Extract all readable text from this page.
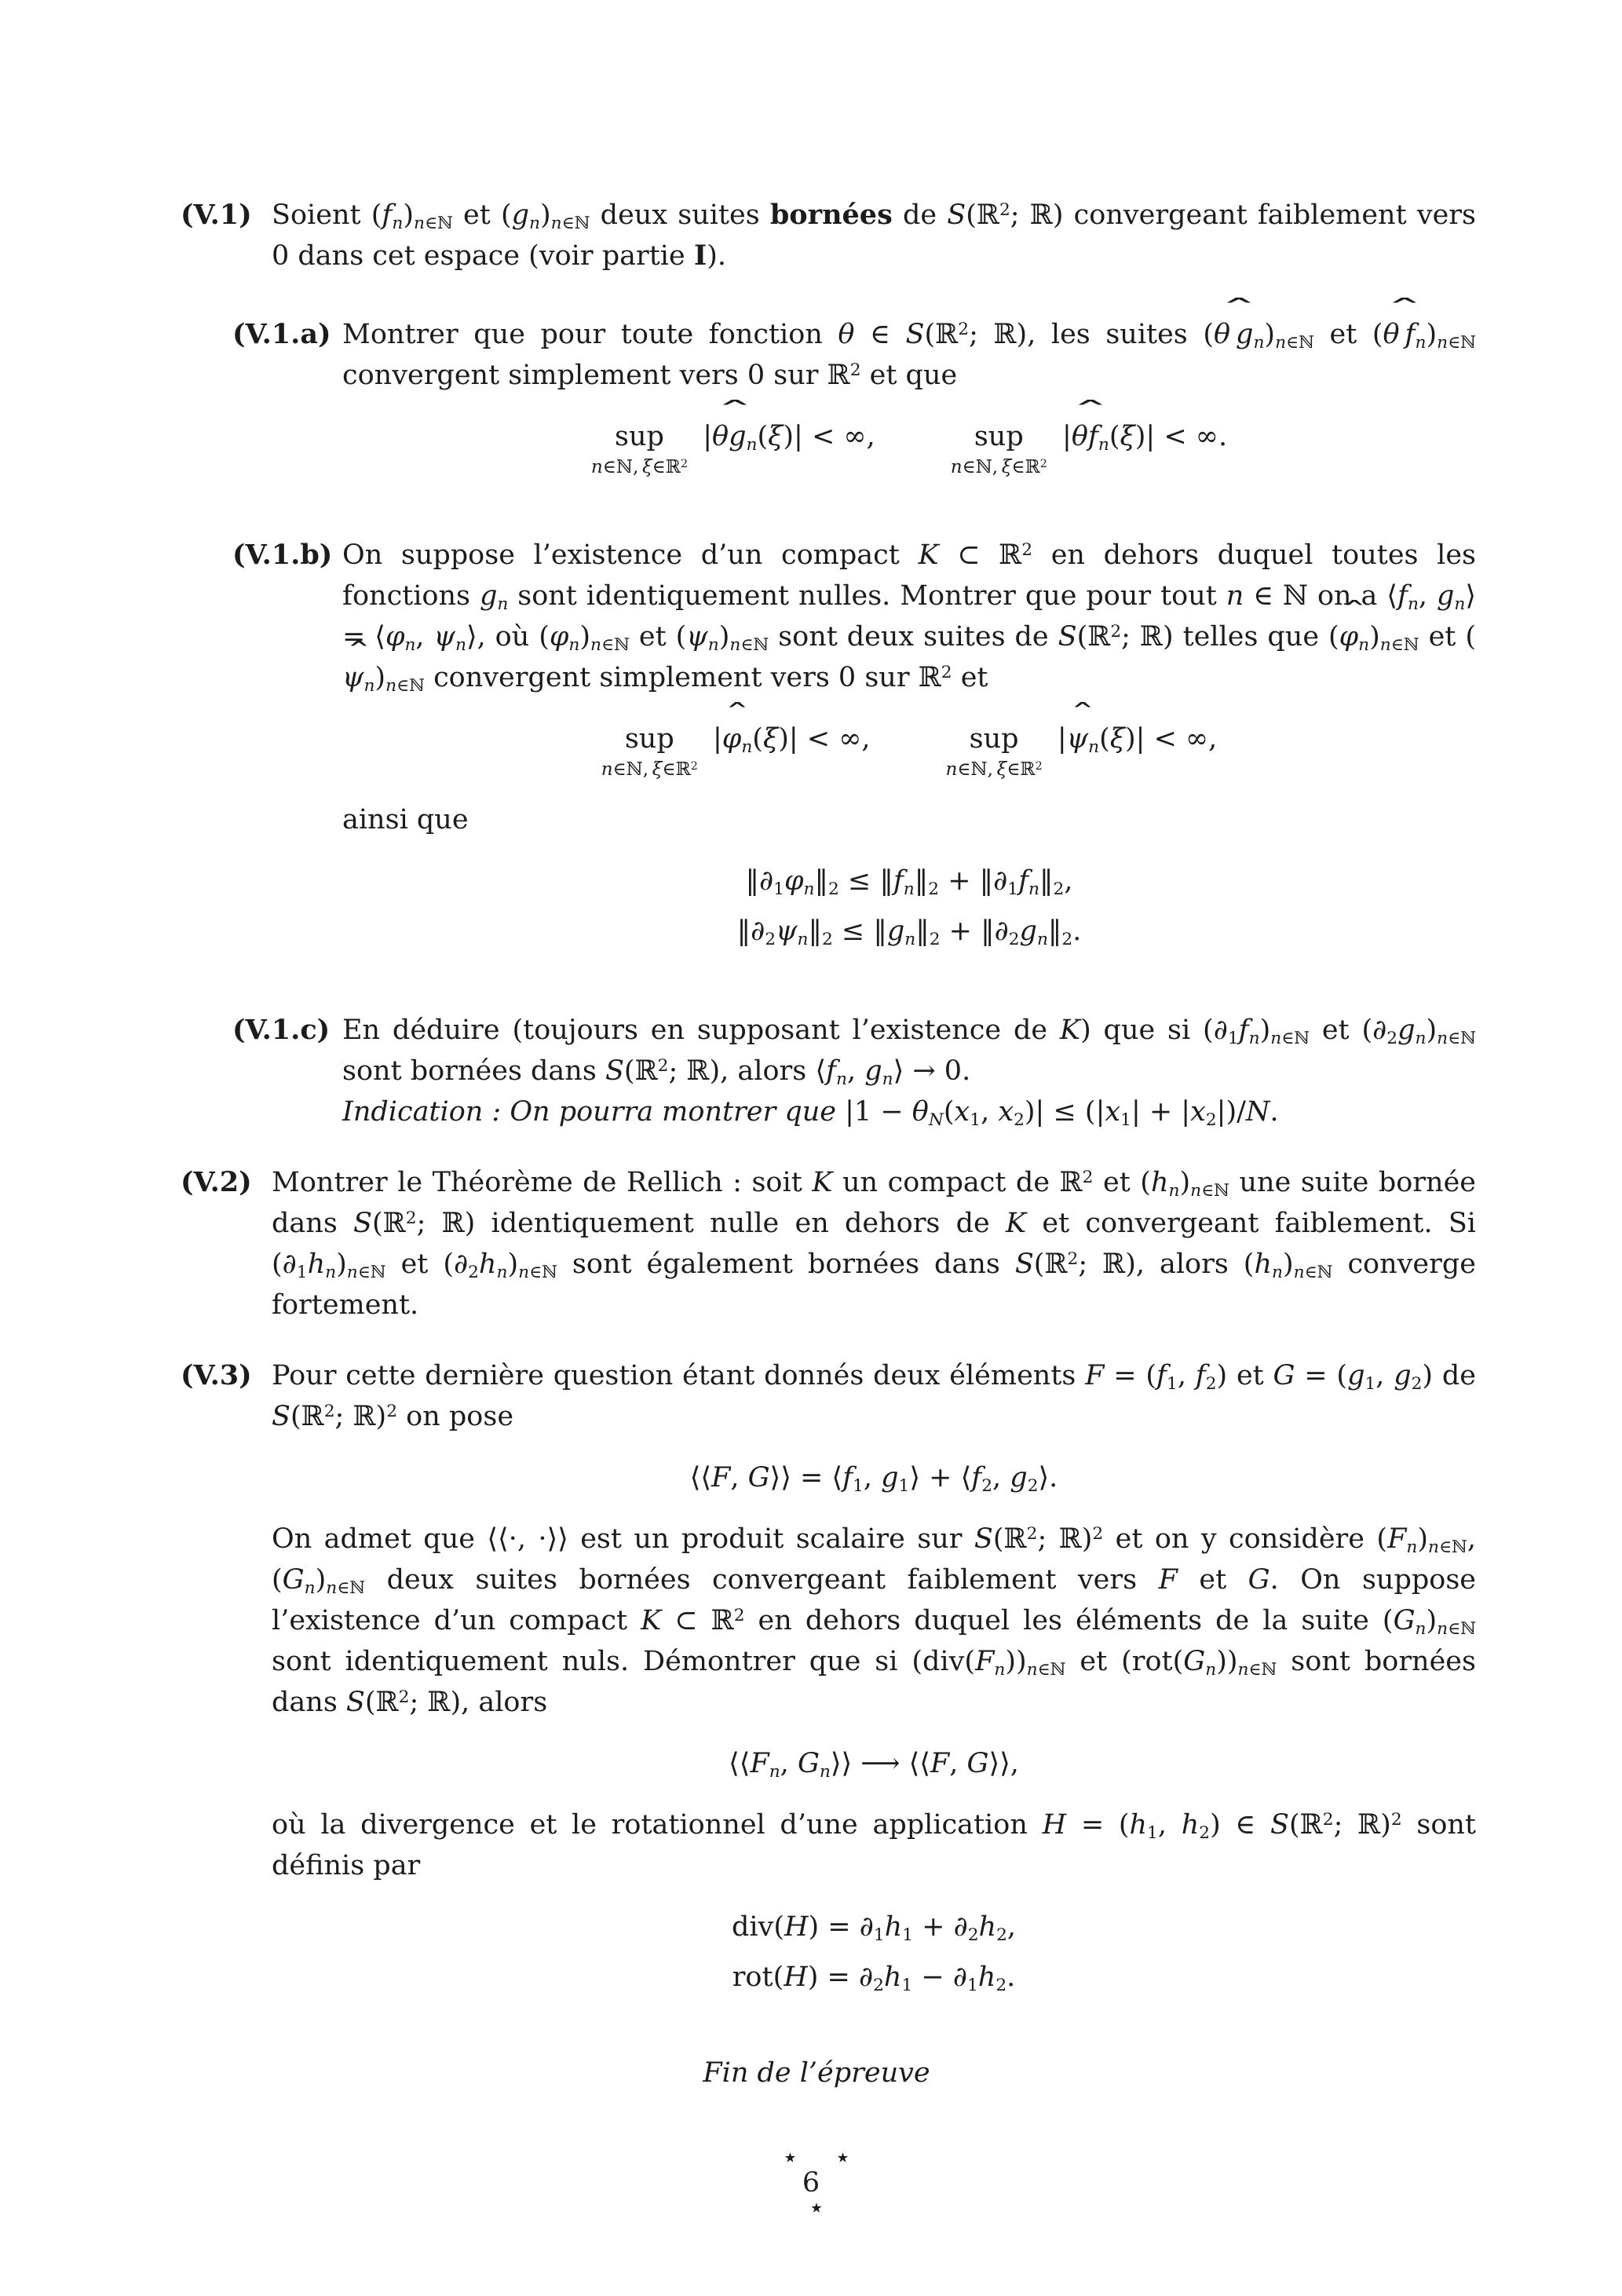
(V.1) Soient $(f_n)_{n\in ℕ}$ et $(g_n)_{n\in ℕ}$ deux suites bornées de S(ℝ$^2$; ℝ) convergeant faiblement vers 0 dans cet espace (voir partie I).
(V.1.a) Montrer que pour toute fonction θ ∈ S(ℝ$^2$; ℝ), les suites (θ $g_n$ $ˆ)_{n\in ℕ}$ et (θ $f_n$ $ˆ)_{n\in ℕ}$ convergent simplement vers 0 sur ℝ$^2$ et que
sup
n∈ℕ, ξ∈ℝ$^2$
$|\theta g_n$ ˆ(ξ)| < ∞,	sup
n∈ℕ, ξ∈ℝ$^2$
$|\theta f_n$ ˆ(ξ)| < ∞.
(V.1.b) On suppose l’existence d’un compact K ⊂ ℝ$^2$ en dehors duquel toutes les fonctions $g_n$ sont identiquement nulles. Montrer que pour tout n ∈ ℕ on a $⟨f_n$, $g_n⟩$ = $⟨\varphi_n$, $\psi_n⟩$, où $(\varphi_n)_{n\in ℕ}$ et $(\psi_n)_{n\in ℕ}$ sont deux suites de S(ℝ$^2$; ℝ) telles que ($\varphi_n$ $ˆ)_{n\in ℕ}$ et ($\psi_n$ $ˆ)_{n\in ℕ}$ convergent simplement vers 0 sur ℝ$^2$ et
sup
n∈ℕ, ξ∈ℝ$^2$
$|\varphi_n$ ˆ(ξ)| < ∞,	sup
n∈ℕ, ξ∈ℝ$^2$
$|\psi_n$ ˆ(ξ)| < ∞,
ainsi que
$‖\partial_1\varphi_n‖_2$ ≤ $‖f_n‖_2$ + $‖\partial_1f_n‖_2$,
$‖\partial_2\psi_n‖_2$ ≤ $‖g_n‖_2$ + $‖\partial_2g_n‖_2$.
(V.1.c) En déduire (toujours en supposant l’existence de K) que si $(\partial_1f_n)_{n\in ℕ}$ et $(\partial_2g_n)_{n\in ℕ}$ sont bornées dans S(ℝ$^2$; ℝ), alors $⟨f_n$, $g_n⟩ \to 0$.
Indication : On pourra montrer que $|1 - \theta_N(x_1$, $x_2)| \le (|x_1| + |x_2|)/N$.
(V.2) Montrer le Théorème de Rellich : soit K un compact de ℝ$^2$ et $(h_n)_{n\in ℕ}$ une suite bornée dans S(ℝ$^2$; ℝ) identiquement nulle en dehors de K et convergeant faiblement. Si $(\partial_1h_n)_{n\in ℕ}$ et $(\partial_2h_n)_{n\in ℕ}$ sont également bornées dans S(ℝ$^2$; ℝ), alors $(h_n)_{n\in ℕ}$ converge fortement.
(V.3) Pour cette dernière question étant donnés deux éléments $F = (f_1$, $f_2$) et $G = (g_1$, $g_2$) de S(ℝ$^2$; ℝ)$^2$ on pose
⟨⟨F, G⟩⟩ = $⟨f_1$, $g_1⟩$ + $⟨f_2$, $g_2⟩$.
On admet que ⟨⟨·, ·⟩⟩ est un produit scalaire sur S(ℝ$^2$; ℝ)$^2$ et on y considère $(F_n)_{n\in ℕ}$, $(G_n)_{n\in ℕ}$ deux suites bornées convergeant faiblement vers F et G. On suppose l’existence d’un compact K ⊂ ℝ$^2$ en dehors duquel les éléments de la suite $(G_n)_{n\in ℕ}$ sont identiquement nuls. Démontrer que si $(div(F_n))_{n\in ℕ}$ et $(rot(G_n))_{n\in ℕ}$ sont bornées dans S(ℝ$^2$; ℝ), alors
$⟨⟨F_n$, $G_n⟩⟩$ ⟶ ⟨⟨F, G⟩⟩,
où la divergence et le rotationnel d’une application $H = (h_1$, $h_2$) ∈ S(ℝ$^2$; ℝ)$^2$ sont définis par
$div(H) = \partial_1h_1 + \partial_2h_2$,
$rot(H) = \partial_2h_1 - \partial_1h_2$.
Fin de l’épreuve
⋆ ⋆
⋆
6
